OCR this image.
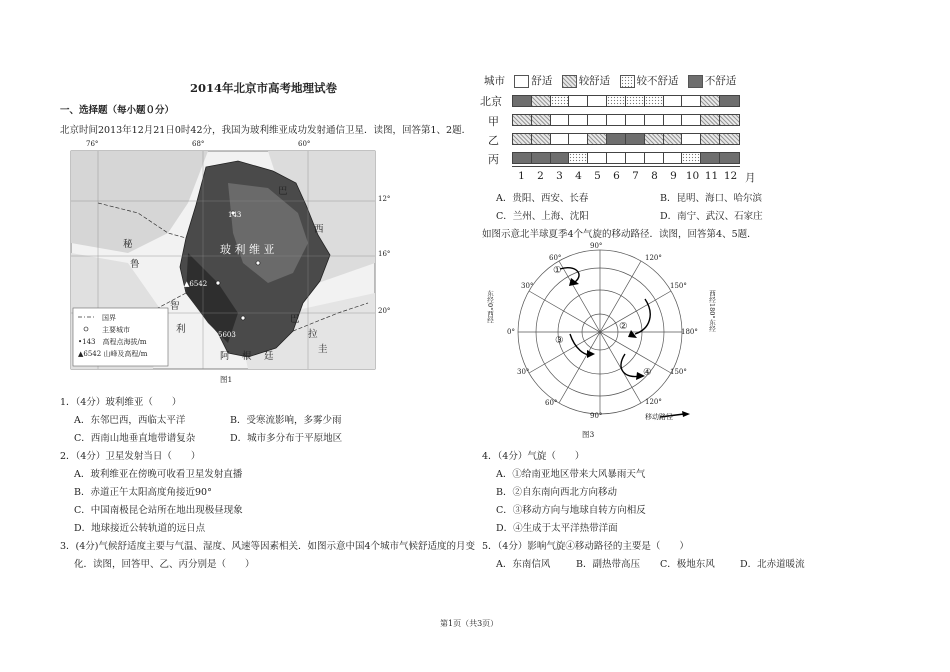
2014年北京市高考地理试卷
一、选择题（每小题０分）
北京时间2013年12月21日0时42分，我国为玻利维亚成功发射通信卫星．读图，回答第1、2题．
76°	68°	60°
12°
16°
20°
巴
西
秘
鲁
智
利
玻 利 维 亚
巴
拉
圭
阿 根 廷
143
▲6542
5603
国界
主要城市
•143　高程点海拔/m
▲6542 山峰及高程/m
图1
1．（4分）玻利维亚（　　）
A．东邻巴西，西临太平洋	B．受寒流影响，多雾少雨
C．西南山地垂直地带谱复杂	D．城市多分布于平原地区
2．（4分）卫星发射当日（　　）
A．玻利维亚在傍晚可收看卫星发射直播
B．赤道正午太阳高度角接近90°
C．中国南极昆仑站所在地出现极昼现象
D．地球接近公转轨道的远日点
3．(4分)气候舒适度主要与气温、湿度、风速等因素相关．如图示意中国4个城市气候舒适度的月变
化．读图，回答甲、乙、丙分别是（　　）
城市	舒适	较舒适	较不舒适	不舒适
北京
甲
乙
丙
1	2	3	4	5	6	7	8	9 10 11 12 月
A．贵阳、西安、长春	B．昆明、海口、哈尔滨
C．兰州、上海、沈阳	D．南宁、武汉、石家庄
如图示意北半球夏季4个气旋的移动路径．读图，回答第4、5题．
90°
60°
30°
0°
30°
60°
90°
120°
150°
180°
150°
120°
①
②
③
④
东经0°西经	西经180°东经
移动路径
图3
4．（4分）气旋（　　）
A．①给南亚地区带来大风暴雨天气
B．②自东南向西北方向移动
C．③移动方向与地球自转方向相反
D．④生成于太平洋热带洋面
5．（4分）影响气旋④移动路径的主要是（　　）
A．东南信风	B．副热带高压 C．极地东风	D．北赤道暖流
第1页（共3页）
